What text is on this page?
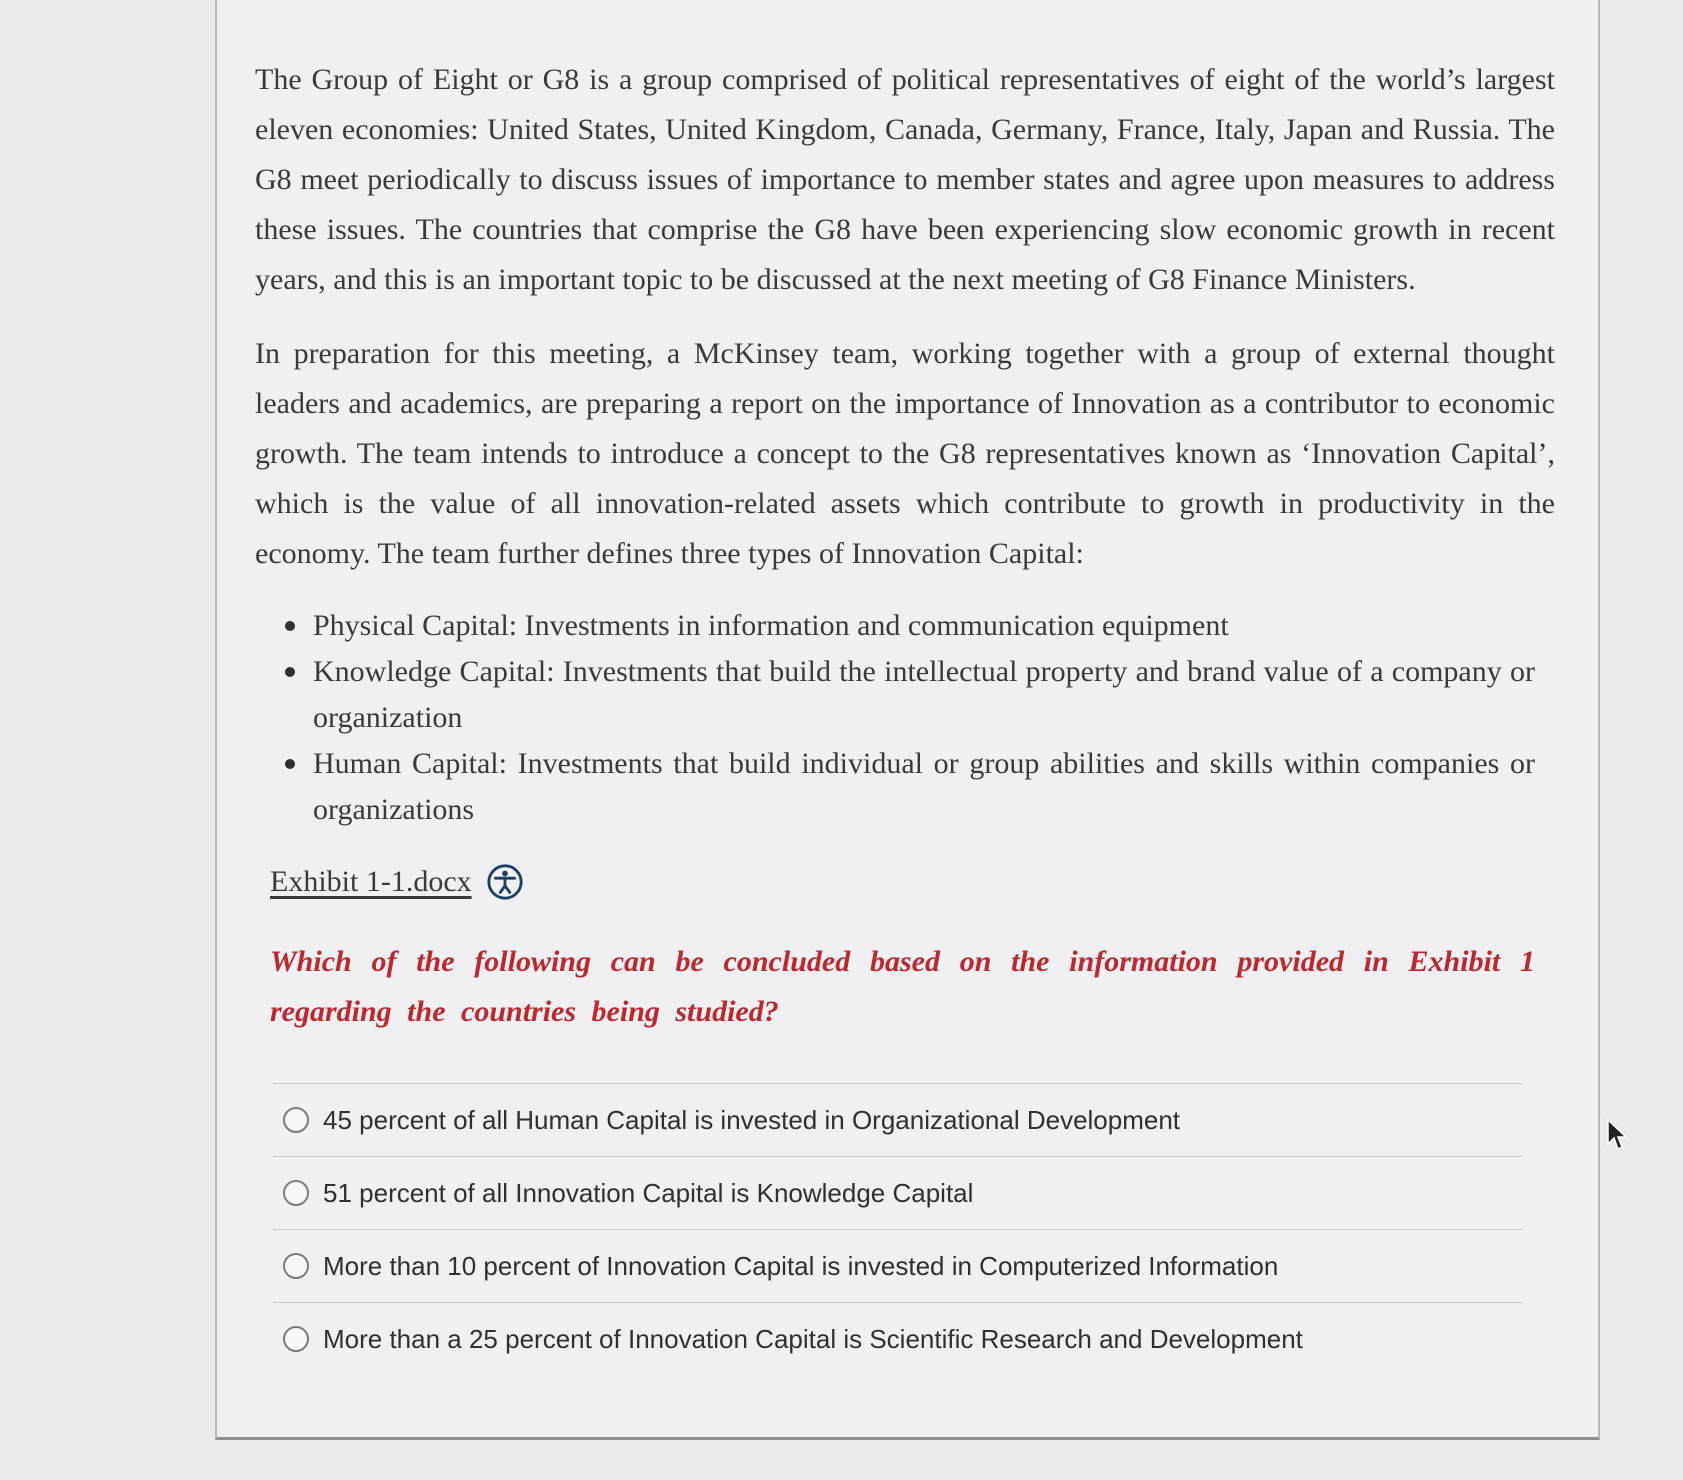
The Group of Eight or G8 is a group comprised of political representatives of eight of the world’s largest eleven economies: United States, United Kingdom, Canada, Germany, France, Italy, Japan and Russia. The G8 meet periodically to discuss issues of importance to member states and agree upon measures to address these issues. The countries that comprise the G8 have been experiencing slow economic growth in recent years, and this is an important topic to be discussed at the next meeting of G8 Finance Ministers.

In preparation for this meeting, a McKinsey team, working together with a group of external thought leaders and academics, are preparing a report on the importance of Innovation as a contributor to economic growth. The team intends to introduce a concept to the G8 representatives known as ‘Innovation Capital’, which is the value of all innovation-related assets which contribute to growth in productivity in the economy. The team further defines three types of Innovation Capital:

Physical Capital: Investments in information and communication equipment
Knowledge Capital: Investments that build the intellectual property and brand value of a company or organization
Human Capital: Investments that build individual or group abilities and skills within companies or organizations
Exhibit 1-1.docx

Which of the following can be concluded based on the information provided in Exhibit 1 regarding the countries being studied?

45 percent of all Human Capital is invested in Organizational Development
51 percent of all Innovation Capital is Knowledge Capital
More than 10 percent of Innovation Capital is invested in Computerized Information
More than a 25 percent of Innovation Capital is Scientific Research and Development
